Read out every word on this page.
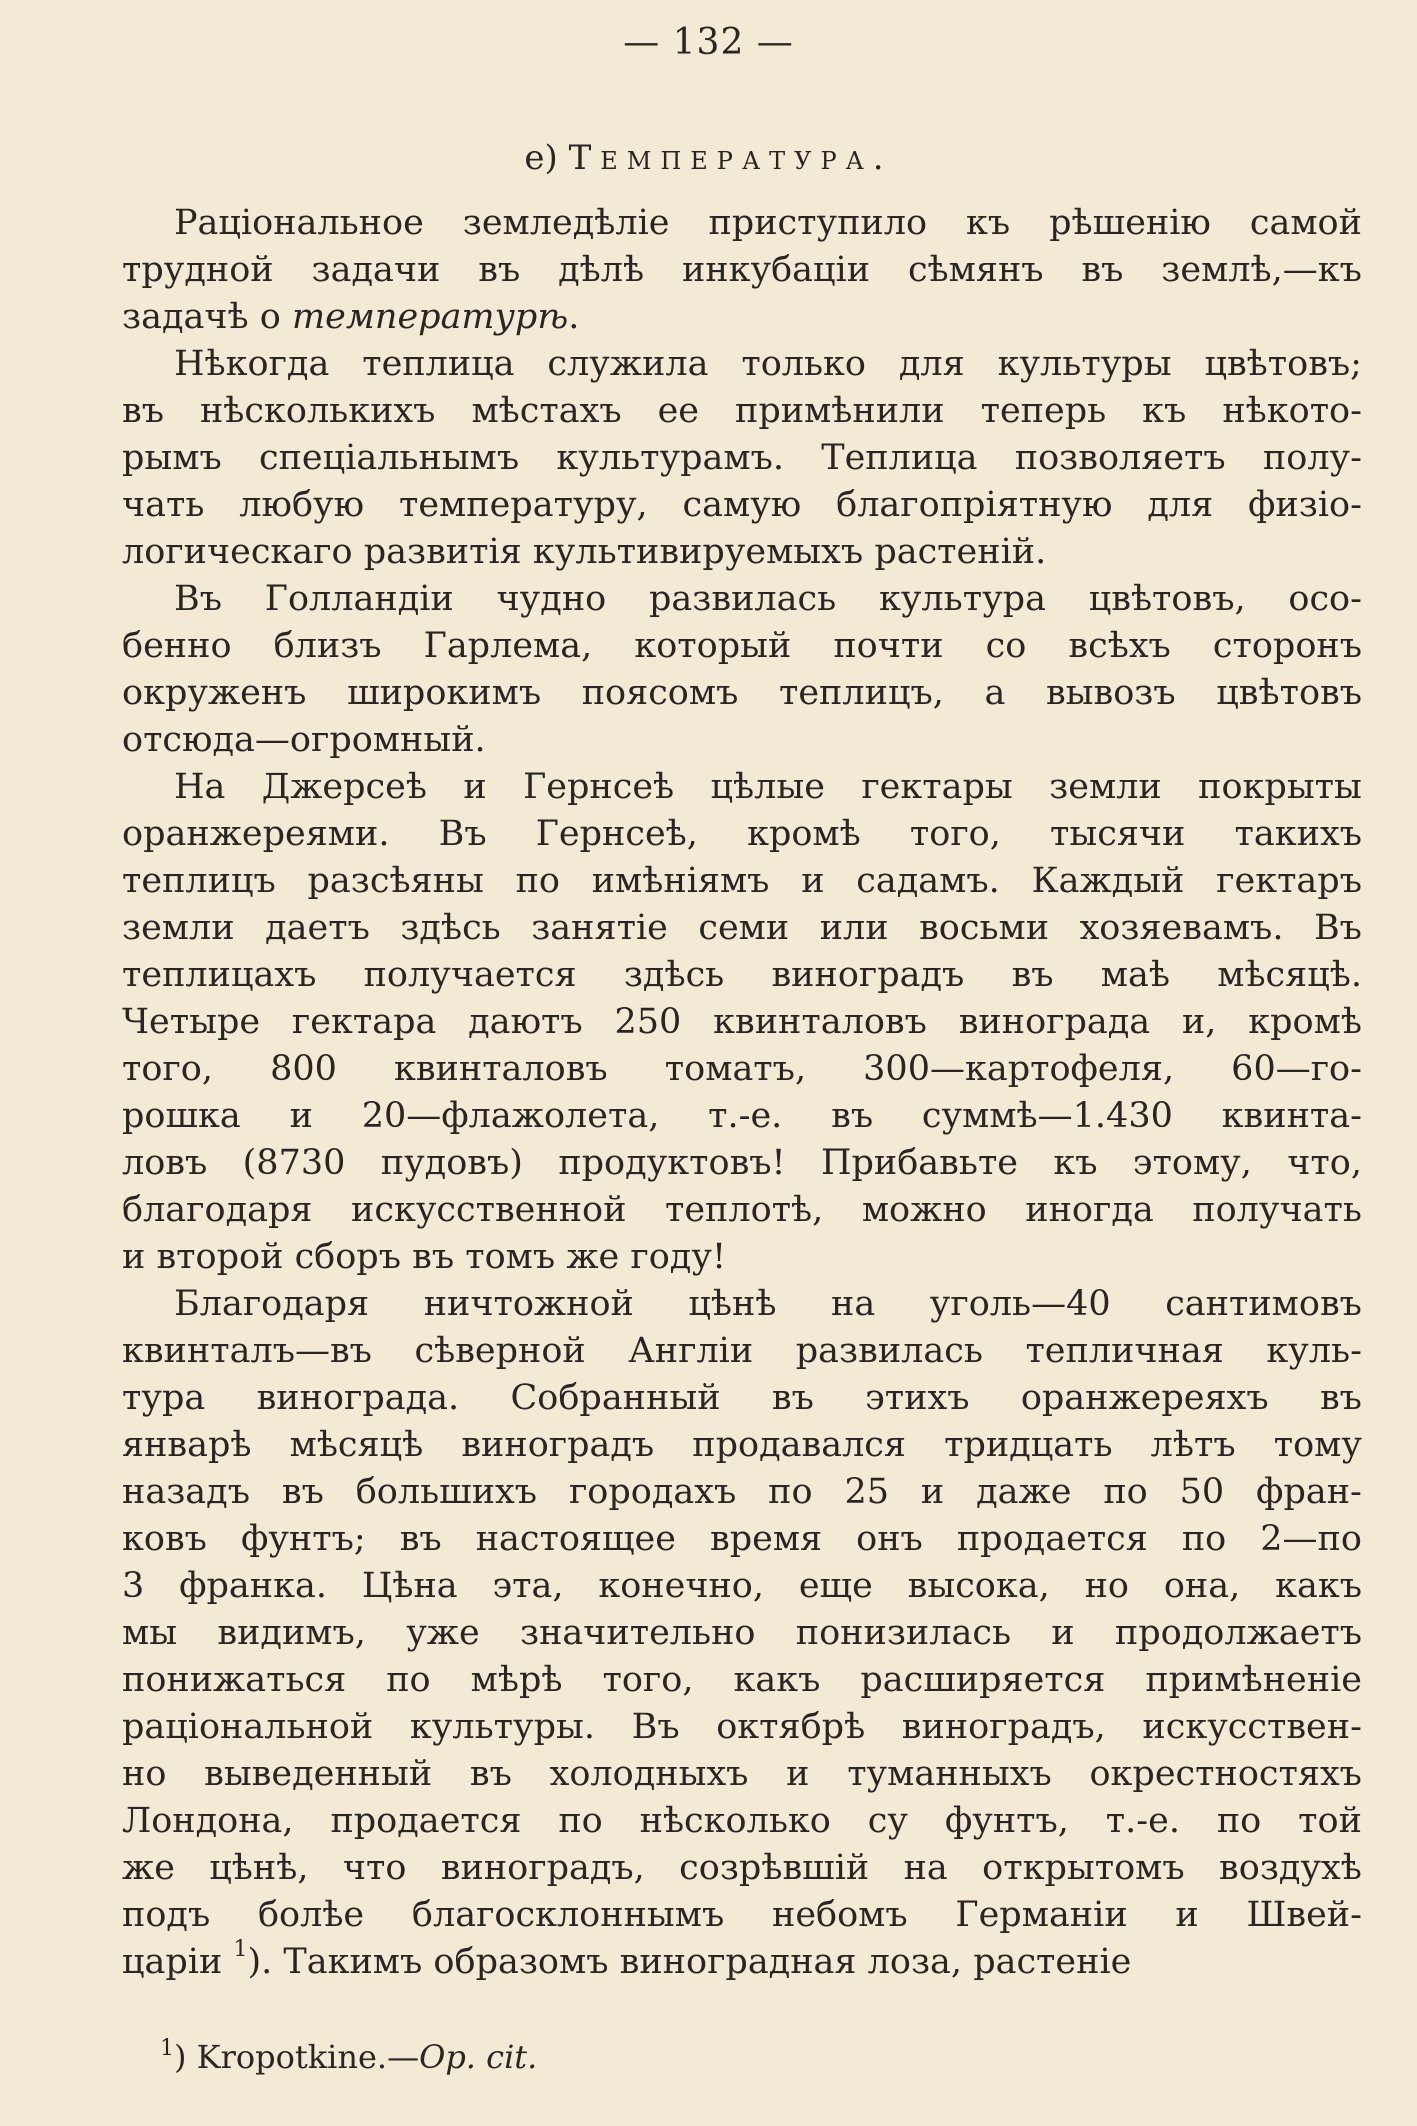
— 132 —
e) Температура.
Раціональное земледѣліе приступило къ рѣшенію самой
трудной задачи въ дѣлѣ инкубаціи сѣмянъ въ землѣ,—къ
задачѣ
о
температурѣ.
Нѣкогда теплица служила только для культуры цвѣтовъ;
въ нѣсколькихъ мѣстахъ ее примѣнили теперь къ нѣкото-
рымъ спеціальнымъ культурамъ. Теплица позволяетъ полу-
чать любую температуру, самую благопріятную для физіо-
логическаго
развитія
культивируемыхъ
растеній.
Въ Голландіи чудно развилась культура цвѣтовъ, осо-
бенно близъ Гарлема, который почти со всѣхъ сторонъ
окруженъ широкимъ поясомъ теплицъ, а вывозъ цвѣтовъ
отсюда—огромный.
На Джерсеѣ и Гернсеѣ цѣлые гектары земли покрыты
оранжереями. Въ Гернсеѣ, кромѣ того, тысячи такихъ
теплицъ разсѣяны по имѣніямъ и садамъ. Каждый гектаръ
земли даетъ здѣсь занятіе семи или восьми хозяевамъ. Въ
теплицахъ получается здѣсь виноградъ въ маѣ мѣсяцѣ.
Четыре гектара даютъ 250 квинталовъ винограда и, кромѣ
того, 800 квинталовъ томатъ, 300—картофеля, 60—го-
рошка и 20—флажолета, т.-е. въ суммѣ—1.430 квинта-
ловъ (8730 пудовъ) продуктовъ! Прибавьте къ этому, что,
благодаря искусственной теплотѣ, можно иногда получать
и
второй
сборъ
въ
томъ
же
году!
Благодаря ничтожной цѣнѣ на уголь—40 сантимовъ
квинталъ—въ сѣверной Англіи развилась тепличная куль-
тура винограда. Собранный въ этихъ оранжереяхъ въ
январѣ мѣсяцѣ виноградъ продавался тридцать лѣтъ тому
назадъ въ большихъ городахъ по 25 и даже по 50 фран-
ковъ фунтъ; въ настоящее время онъ продается по 2—по
3 франка. Цѣна эта, конечно, еще высока, но она, какъ
мы видимъ, уже значительно понизилась и продолжаетъ
понижаться по мѣрѣ того, какъ расширяется примѣненіе
раціональной культуры. Въ октябрѣ виноградъ, искусствен-
но выведенный въ холодныхъ и туманныхъ окрестностяхъ
Лондона, продается по нѣсколько су фунтъ, т.-е. по той
же цѣнѣ, что виноградъ, созрѣвшій на открытомъ воздухѣ
подъ болѣе благосклоннымъ небомъ Германіи и Швей-
царіи
$^1$).
Такимъ
образомъ
виноградная
лоза,
растеніе
$^1$) Kropotkine.—Op. cit.
